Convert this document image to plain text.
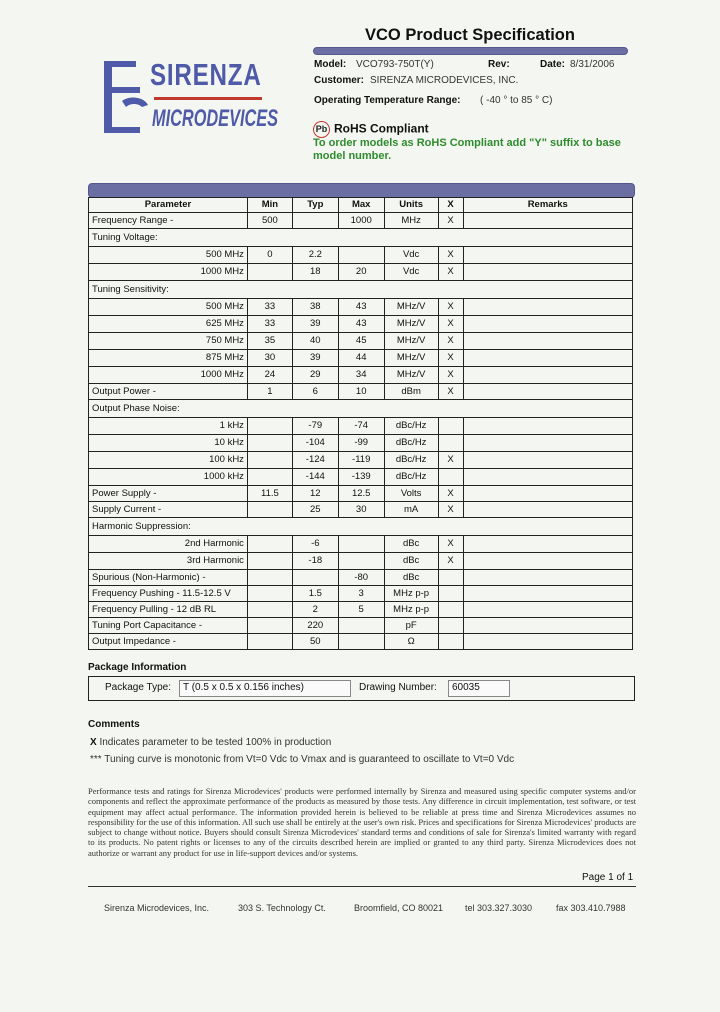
SIRENZA
MICRODEVICES
VCO Product Specification
Model: VCO793-750T(Y)	Rev:	Date: 8/31/2006
Customer: SIRENZA MICRODEVICES, INC.
Operating Temperature Range: ( -40 ° to 85 ° C)
Pb RoHS Compliant
To order models as RoHS Compliant add "Y" suffix to base model number.
Parameter	Min	Typ	Max	Units	X	Remarks
Frequency Range -	500		1000	MHz	X	
Tuning Voltage:						
500 MHz	0	2.2		Vdc	X	
1000 MHz		18	20	Vdc	X	
Tuning Sensitivity:						
500 MHz	33	38	43	MHz/V	X	
625 MHz	33	39	43	MHz/V	X	
750 MHz	35	40	45	MHz/V	X	
875 MHz	30	39	44	MHz/V	X	
1000 MHz	24	29	34	MHz/V	X	
Output Power -	1	6	10	dBm	X	
Output Phase Noise:						
1 kHz		-79	-74	dBc/Hz		
10 kHz		-104	-99	dBc/Hz		
100 kHz		-124	-119	dBc/Hz	X	
1000 kHz		-144	-139	dBc/Hz		
Power Supply -	11.5	12	12.5	Volts	X	
Supply Current -		25	30	mA	X	
Harmonic Suppression:						
2nd Harmonic		-6		dBc	X	
3rd Harmonic		-18		dBc	X	
Spurious (Non-Harmonic) -			-80	dBc		
Frequency Pushing - 11.5-12.5 V		1.5	3	MHz p-p		
Frequency Pulling - 12 dB RL		2	5	MHz p-p		
Tuning Port Capacitance -		220		pF		
Output Impedance -		50		Ω		
Package Information
Package Type: T (0.5 x 0.5 x 0.156 inches)	Drawing Number: 60035
Comments
X Indicates parameter to be tested 100% in production
*** Tuning curve is monotonic from Vt=0 Vdc to Vmax and is guaranteed to oscillate to Vt=0 Vdc
Performance tests and ratings for Sirenza Microdevices' products were performed internally by Sirenza and measured using specific computer systems and/or components and reflect the approximate performance of the products as measured by those tests. Any difference in circuit implementation, test software, or test equipment may affect actual performance. The information provided herein is believed to be reliable at press time and Sirenza Microdevices assumes no responsibility for the use of this information. All such use shall be entirely at the user's own risk. Prices and specifications for Sirenza Microdevices' products are subject to change without notice. Buyers should consult Sirenza Microdevices' standard terms and conditions of sale for Sirenza's limited warranty with regard to its products. No patent rights or licenses to any of the circuits described herein are implied or granted to any third party. Sirenza Microdevices does not authorize or warrant any product for use in life-support devices and/or systems.
Page 1 of 1
Sirenza Microdevices, Inc.	303 S. Technology Ct.	Broomfield, CO 80021 tel 303.327.3030	fax 303.410.7988
